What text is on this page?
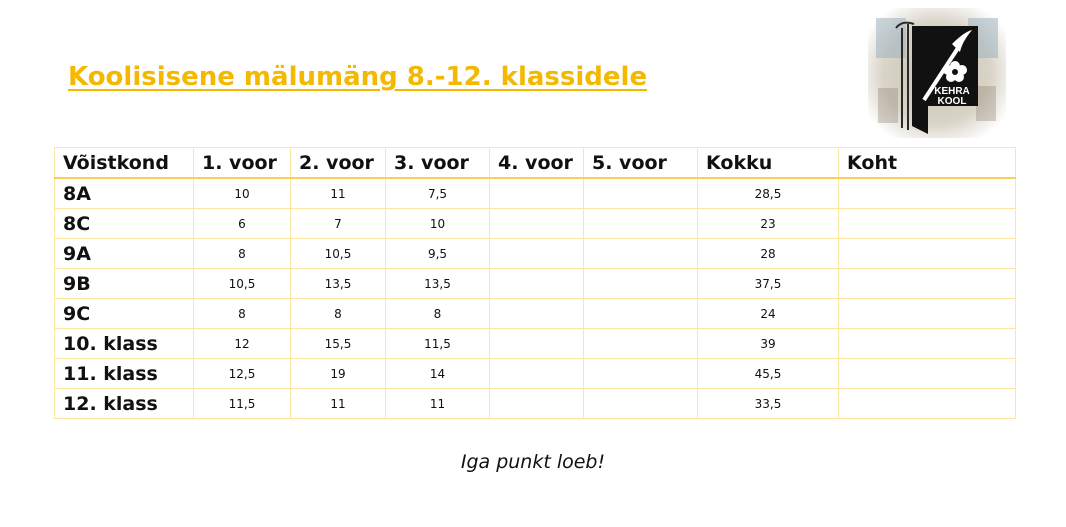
Koolisisene mälumäng 8.-12. klassidele	KEHRA
KOOL
Võistkond	1. voor	2. voor	3. voor	4. voor	5. voor	Kokku	Koht
8A	10	11	7,5			28,5	
8C	6	7	10			23	
9A	8	10,5	9,5			28	
9B	10,5	13,5	13,5			37,5	
9C	8	8	8			24	
10. klass	12	15,5	11,5			39	
11. klass	12,5	19	14			45,5	
12. klass	11,5	11	11			33,5	
Iga punkt loeb!
